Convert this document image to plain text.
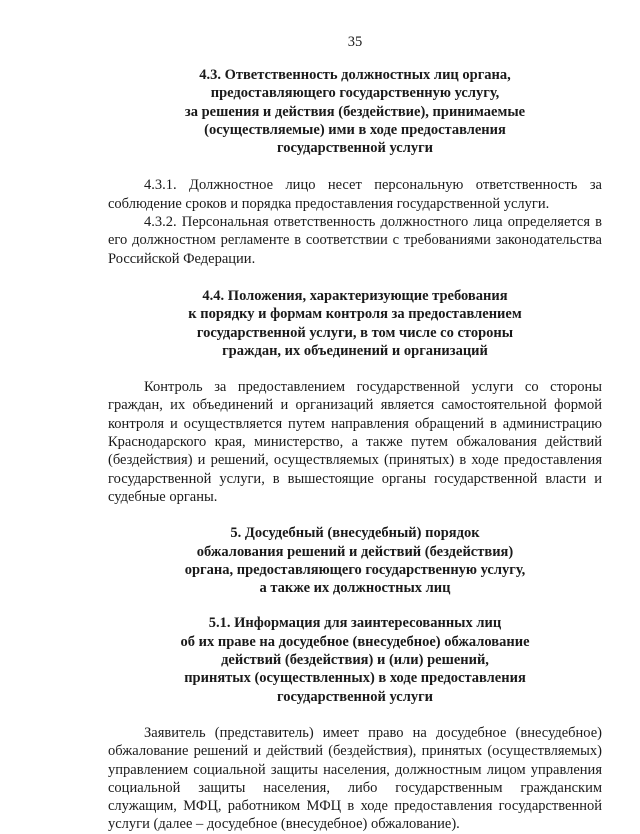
35
4.3. Ответственность должностных лиц органа,
предоставляющего государственную услугу,
за решения и действия (бездействие), принимаемые
(осуществляемые) ими в ходе предоставления
государственной услуги

4.3.1. Должностное лицо несет персональную ответственность за соблюдение сроков и порядка предоставления государственной услуги.

4.3.2. Персональная ответственность должностного лица определяется в его должностном регламенте в соответствии с требованиями законодательства Российской Федерации.

4.4. Положения, характеризующие требования
к порядку и формам контроля за предоставлением
государственной услуги, в том числе со стороны
граждан, их объединений и организаций

Контроль за предоставлением государственной услуги со стороны граждан, их объединений и организаций является самостоятельной формой контроля и осуществляется путем направления обращений в администрацию Краснодарского края, министерство, а также путем обжалования действий (бездействия) и решений, осуществляемых (принятых) в ходе предоставления государственной услуги, в вышестоящие органы государственной власти и судебные органы.

5. Досудебный (внесудебный) порядок
обжалования решений и действий (бездействия)
органа, предоставляющего государственную услугу,
а также их должностных лиц
5.1. Информация для заинтересованных лиц
об их праве на досудебное (внесудебное) обжалование
действий (бездействия) и (или) решений,
принятых (осуществленных) в ходе предоставления
государственной услуги

Заявитель (представитель) имеет право на досудебное (внесудебное) обжалование решений и действий (бездействия), принятых (осуществляемых) управлением социальной защиты населения, должностным лицом управления социальной защиты населения, либо государственным гражданским служащим, МФЦ, работником МФЦ в ходе предоставления государственной услуги (далее – досудебное (внесудебное) обжалование).
